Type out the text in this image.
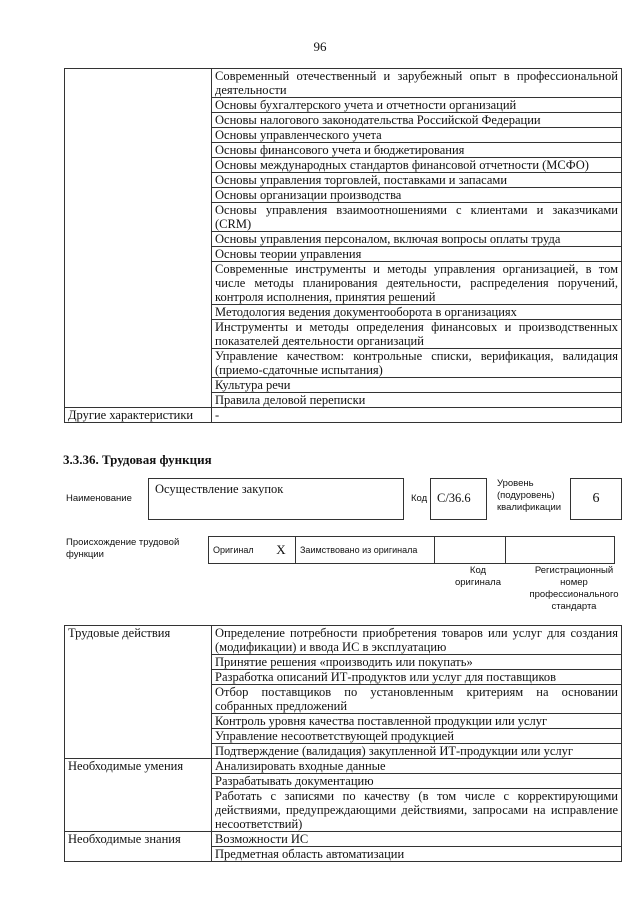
96
	Современный отечественный и зарубежный опыт в профессиональной деятельности
	Основы бухгалтерского учета и отчетности организаций
	Основы налогового законодательства Российской Федерации
	Основы управленческого учета
	Основы финансового учета и бюджетирования
	Основы международных стандартов финансовой отчетности (МСФО)
	Основы управления торговлей, поставками и запасами
	Основы организации производства
	Основы управления взаимоотношениями с клиентами и заказчиками (CRM)
	Основы управления персоналом, включая вопросы оплаты труда
	Основы теории управления
	Современные инструменты и методы управления организацией, в том числе методы планирования деятельности, распределения поручений, контроля исполнения, принятия решений
	Методология ведения документооборота в организациях
	Инструменты и методы определения финансовых и производственных показателей деятельности организаций
	Управление качеством: контрольные списки, верификация, валидация (приемо-сдаточные испытания)
	Культура речи
	Правила деловой переписки
Другие характеристики	-
3.3.36. Трудовая функция
Наименование
Осуществление закупок
Код С/36.6
Уровень (подуровень) квалификации
6
Происхождение трудовой функции	Оригинал	X	Заимствовано из оригинала		
Код оригинала
Регистрационный номер профессионального стандарта
Трудовые действия	Определение потребности приобретения товаров или услуг для создания (модификации) и ввода ИС в эксплуатацию
	Принятие решения «производить или покупать»
	Разработка описаний ИТ-продуктов или услуг для поставщиков
	Отбор поставщиков по установленным критериям на основании собранных предложений
	Контроль уровня качества поставленной продукции или услуг
	Управление несоответствующей продукцией
	Подтверждение (валидация) закупленной ИТ-продукции или услуг
Необходимые умения	Анализировать входные данные
	Разрабатывать документацию
	Работать с записями по качеству (в том числе с корректирующими действиями, предупреждающими действиями, запросами на исправление несоответствий)
Необходимые знания	Возможности ИС
	Предметная область автоматизации
